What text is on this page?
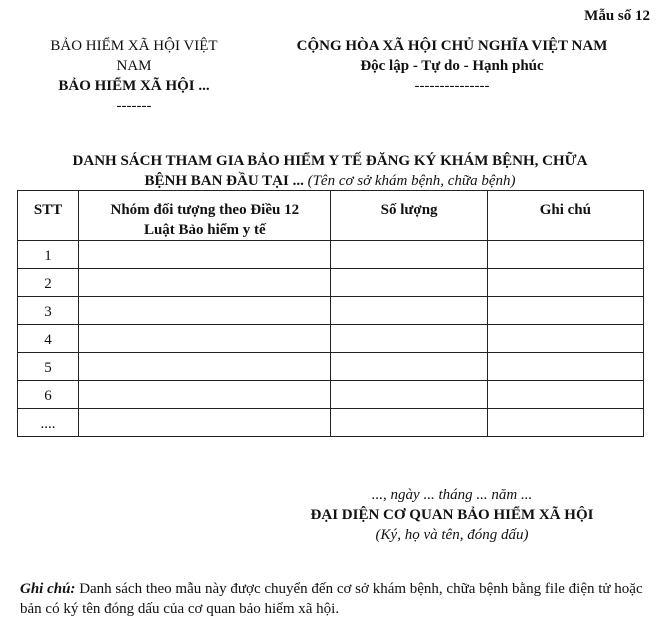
Mẫu số 12
BẢO HIỂM XÃ HỘI VIỆT
NAM
BẢO HIỂM XÃ HỘI ...
-------
CỘNG HÒA XÃ HỘI CHỦ NGHĨA VIỆT NAM
Độc lập - Tự do - Hạnh phúc
---------------
DANH SÁCH THAM GIA BẢO HIỂM Y TẾ ĐĂNG KÝ KHÁM BỆNH, CHỮA
BỆNH BAN ĐẦU TẠI ... (Tên cơ sở khám bệnh, chữa bệnh)
STT	Nhóm đối tượng theo Điều 12
Luật Bảo hiểm y tế	Số lượng	Ghi chú
1			
2			
3			
4			
5			
6			
....			
..., ngày ... tháng ... năm ...
ĐẠI DIỆN CƠ QUAN BẢO HIỂM XÃ HỘI
(Ký, họ và tên, đóng dấu)
Ghi chú: Danh sách theo mẫu này được chuyển đến cơ sở khám bệnh, chữa bệnh bằng file điện tử hoặc bản có ký tên đóng dấu của cơ quan bảo hiểm xã hội.
